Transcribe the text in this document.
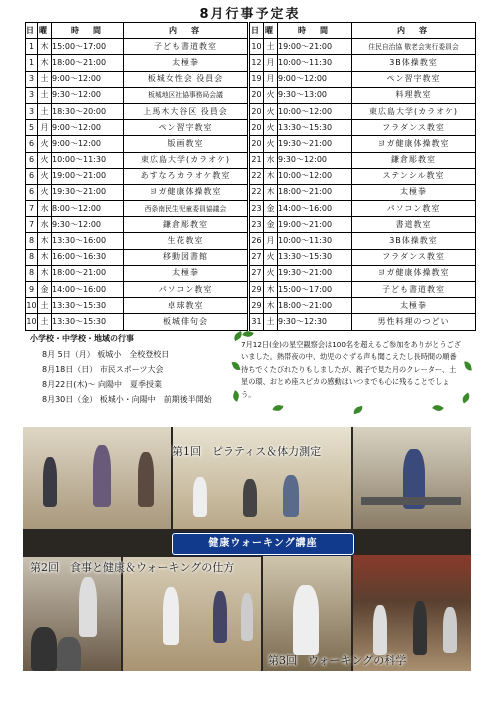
8月行事予定表
日	曜	時　間	内　容
1	木	15:00〜17:00	子ども書道教室
1	木	18:00〜21:00	太極拳
3	土	9:00〜12:00	板城女性会 役員会
3	土	9:30〜12:00	板城地区社協事務局会議
3	土	18:30〜20:00	上馬木大谷区 役員会
5	月	9:00〜12:00	ペン習字教室
6	火	9:00〜12:00	版画教室
6	火	10:00〜11:30	東広島大学(カラオケ)
6	火	19:00〜21:00	あすなろカラオケ教室
6	火	19:30〜21:00	ヨガ健康体操教室
7	水	8:00〜12:00	西条南民生児童委員協議会
7	水	9:30〜12:00	鎌倉彫教室
8	木	13:30〜16:00	生花教室
8	木	16:00〜16:30	移動図書館
8	木	18:00〜21:00	太極拳
9	金	14:00〜16:00	パソコン教室
10	土	13:30〜15:30	卓球教室
10	土	13:30〜15:30	板城俳句会
日	曜	時　間	内　容
10	土	19:00〜21:00	住民自治協 敬老会実行委員会
12	月	10:00〜11:30	3B体操教室
19	月	9:00〜12:00	ペン習字教室
20	火	9:30〜13:00	料理教室
20	火	10:00〜12:00	東広島大学(カラオケ)
20	火	13:30〜15:30	フラダンス教室
20	火	19:30〜21:00	ヨガ健康体操教室
21	水	9:30〜12:00	鎌倉彫教室
22	木	10:00〜12:00	ステンシル教室
22	木	18:00〜21:00	太極拳
23	金	14:00〜16:00	パソコン教室
23	金	19:00〜21:00	書道教室
26	月	10:00〜11:30	3B体操教室
27	火	13:30〜15:30	フラダンス教室
27	火	19:30〜21:00	ヨガ健康体操教室
29	木	15:00〜17:00	子ども書道教室
29	木	18:00〜21:00	太極拳
31	土	9:30〜12:30	男性料理のつどい
小学校・中学校・地域の行事
8月 5日（月） 板城小　全校登校日
8月18日（日） 市民スポーツ大会
8月22日(木)〜 向陽中　夏季授業
8月30日（金） 板城小・向陽中　前期後半開始
7月12日(金)の星空観察会は100名を超えるご参加をありがとうございました。熱帯夜の中、幼児のぐずる声も聞こえたし長時間の順番待ちでくたびれたりもしましたが、親子で見た月のクレーター、土星の環、おとめ座スピカの感動はいつまでも心に残ることでしょう。
第1回　ピラティス＆体力測定
健康ウォーキング講座
第2回　食事と健康＆ウォーキングの仕方
第3回　ウォーキングの科学
